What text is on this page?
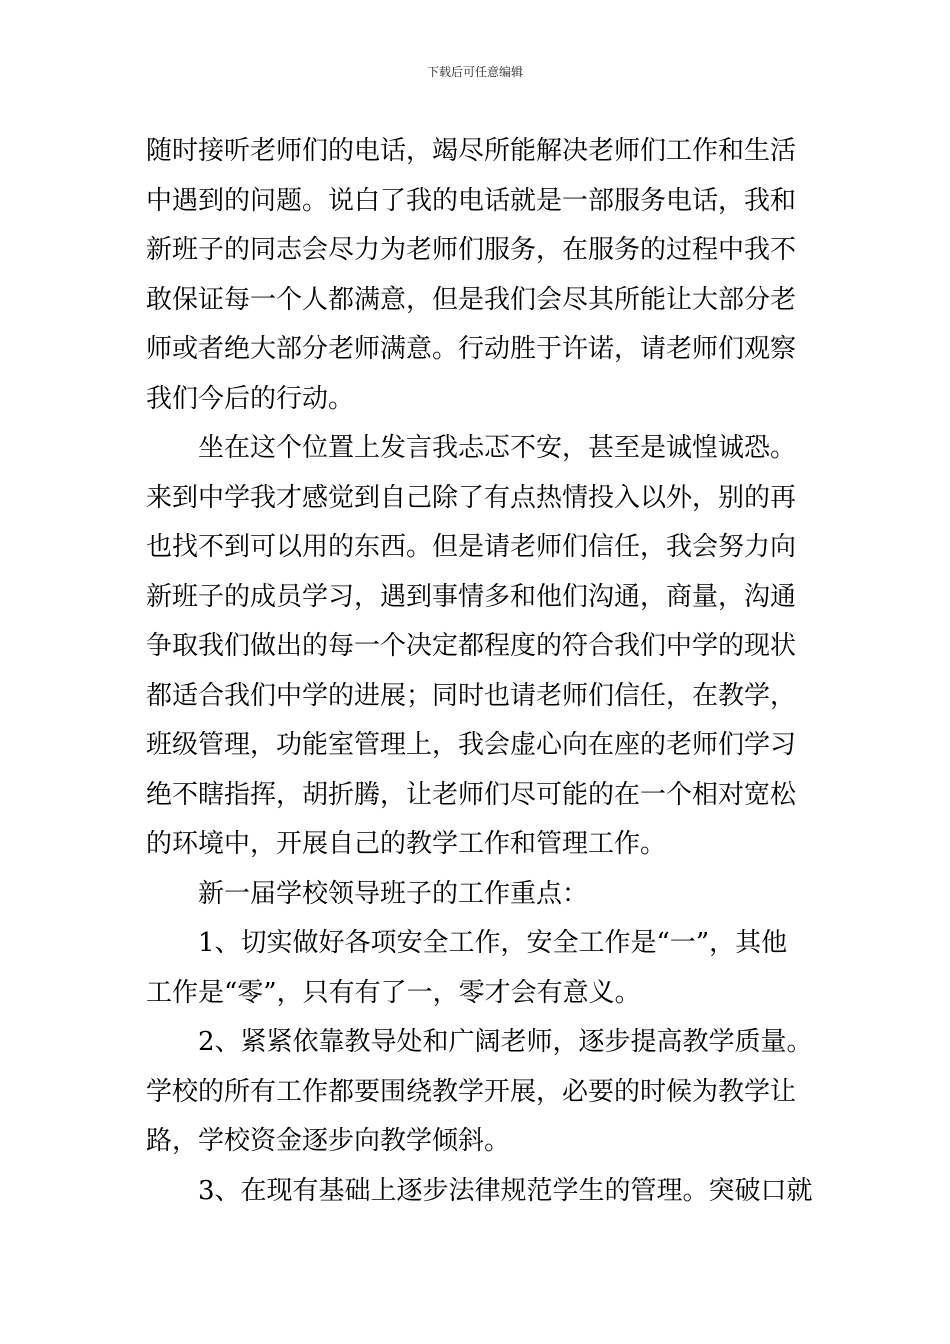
下载后可任意编辑
随时接听老师们的电话，竭尽所能解决老师们工作和生活
中遇到的问题。说白了我的电话就是一部服务电话，我和
新班子的同志会尽力为老师们服务，在服务的过程中我不
敢保证每一个人都满意，但是我们会尽其所能让大部分老
师或者绝大部分老师满意。行动胜于许诺，请老师们观察
我们今后的行动。
坐在这个位置上发言我忐忑不安，甚至是诚惶诚恐。
来到中学我才感觉到自己除了有点热情投入以外，别的再
也找不到可以用的东西。但是请老师们信任，我会努力向
新班子的成员学习，遇到事情多和他们沟通，商量，沟通
争取我们做出的每一个决定都程度的符合我们中学的现状
都适合我们中学的进展；同时也请老师们信任，在教学，
班级管理，功能室管理上，我会虚心向在座的老师们学习
绝不瞎指挥，胡折腾，让老师们尽可能的在一个相对宽松
的环境中，开展自己的教学工作和管理工作。
新一届学校领导班子的工作重点：
1、切实做好各项安全工作，安全工作是“一”，其他
工作是“零”，只有有了一，零才会有意义。
2、紧紧依靠教导处和广阔老师，逐步提高教学质量。
学校的所有工作都要围绕教学开展，必要的时候为教学让
路，学校资金逐步向教学倾斜。
3、在现有基础上逐步法律规范学生的管理。突破口就
